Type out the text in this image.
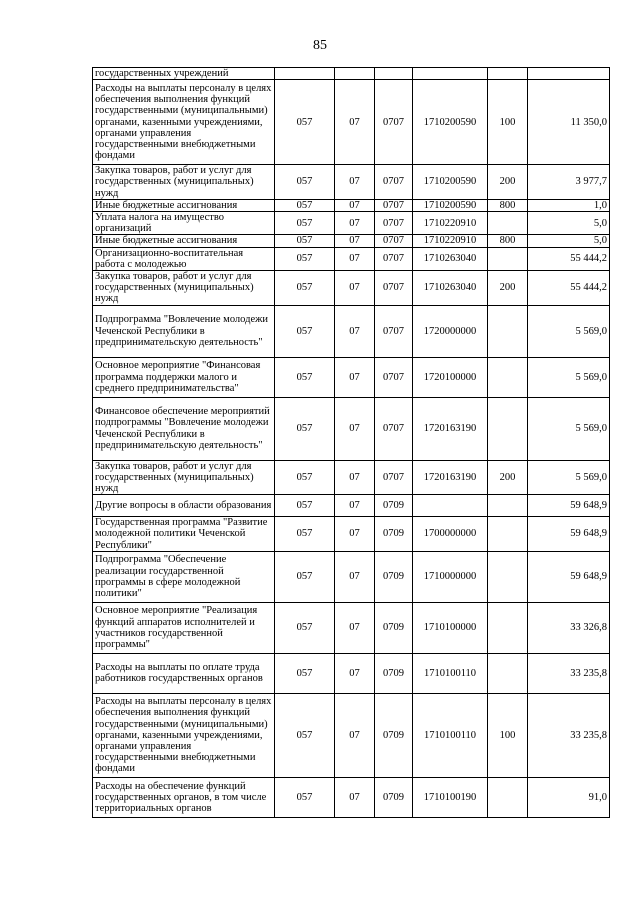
85
государственных учреждений						
Расходы на выплаты персоналу в целях обеспечения выполнения функций государственными (муниципальными) органами, казенными учреждениями, органами управления государственными внебюджетными фондами	057	07	0707	1710200590	100	11 350,0
Закупка товаров, работ и услуг для государственных (муниципальных) нужд	057	07	0707	1710200590	200	3 977,7
Иные бюджетные ассигнования	057	07	0707	1710200590	800	1,0
Уплата налога на имущество организаций	057	07	0707	1710220910		5,0
Иные бюджетные ассигнования	057	07	0707	1710220910	800	5,0
Организационно-воспитательная работа с молодежью	057	07	0707	1710263040		55 444,2
Закупка товаров, работ и услуг для государственных (муниципальных) нужд	057	07	0707	1710263040	200	55 444,2
Подпрограмма "Вовлечение молодежи Чеченской Республики в предпринимательскую деятельность"	057	07	0707	1720000000		5 569,0
Основное мероприятие "Финансовая программа поддержки малого и среднего предпринимательства"	057	07	0707	1720100000		5 569,0
Финансовое обеспечение мероприятий подпрограммы "Вовлечение молодежи Чеченской Республики в предпринимательскую деятельность"	057	07	0707	1720163190		5 569,0
Закупка товаров, работ и услуг для государственных (муниципальных) нужд	057	07	0707	1720163190	200	5 569,0
Другие вопросы в области образования	057	07	0709			59 648,9
Государственная программа "Развитие молодежной политики Чеченской Республики"	057	07	0709	1700000000		59 648,9
Подпрограмма "Обеспечение реализации государственной программы в сфере молодежной политики"	057	07	0709	1710000000		59 648,9
Основное мероприятие "Реализация функций аппаратов исполнителей и участников государственной программы"	057	07	0709	1710100000		33 326,8
Расходы на выплаты по оплате труда работников государственных органов	057	07	0709	1710100110		33 235,8
Расходы на выплаты персоналу в целях обеспечения выполнения функций государственными (муниципальными) органами, казенными учреждениями, органами управления государственными внебюджетными фондами	057	07	0709	1710100110	100	33 235,8
Расходы на обеспечение функций государственных органов, в том числе территориальных органов	057	07	0709	1710100190		91,0
